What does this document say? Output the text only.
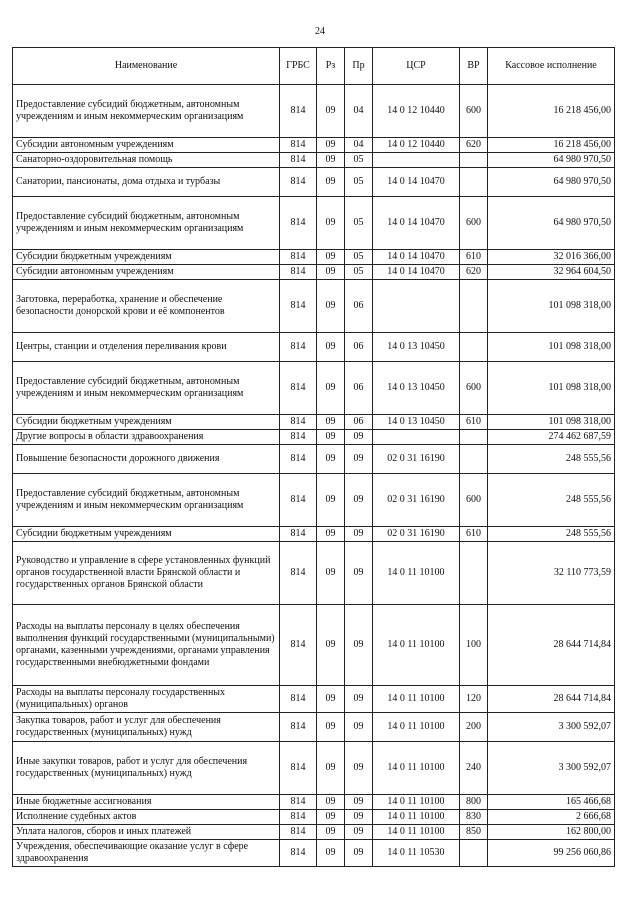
24
Наименование	ГРБС	Рз	Пр	ЦСР	ВР	Кассовое исполнение
Предоставление субсидий бюджетным, автономным учреждениям и иным некоммерческим организациям	814	09	04	14 0 12 10440	600	16 218 456,00
Субсидии автономным учреждениям	814	09	04	14 0 12 10440	620	16 218 456,00
Санаторно-оздоровительная помощь	814	09	05			64 980 970,50
Санатории, пансионаты, дома отдыха и турбазы	814	09	05	14 0 14 10470		64 980 970,50
Предоставление субсидий бюджетным, автономным учреждениям и иным некоммерческим организациям	814	09	05	14 0 14 10470	600	64 980 970,50
Субсидии бюджетным учреждениям	814	09	05	14 0 14 10470	610	32 016 366,00
Субсидии автономным учреждениям	814	09	05	14 0 14 10470	620	32 964 604,50
Заготовка, переработка, хранение и обеспечение безопасности донорской крови и её компонентов	814	09	06			101 098 318,00
Центры, станции и отделения переливания крови	814	09	06	14 0 13 10450		101 098 318,00
Предоставление субсидий бюджетным, автономным учреждениям и иным некоммерческим организациям	814	09	06	14 0 13 10450	600	101 098 318,00
Субсидии бюджетным учреждениям	814	09	06	14 0 13 10450	610	101 098 318,00
Другие вопросы в области здравоохранения	814	09	09			274 462 687,59
Повышение безопасности дорожного движения	814	09	09	02 0 31 16190		248 555,56
Предоставление субсидий бюджетным, автономным учреждениям и иным некоммерческим организациям	814	09	09	02 0 31 16190	600	248 555,56
Субсидии бюджетным учреждениям	814	09	09	02 0 31 16190	610	248 555,56
Руководство и управление в сфере установленных функций органов государственной власти Брянской области и государственных органов Брянской области	814	09	09	14 0 11 10100		32 110 773,59
Расходы на выплаты персоналу в целях обеспечения выполнения функций государственными (муниципальными) органами, казенными учреждениями, органами управления государственными внебюджетными фондами	814	09	09	14 0 11 10100	100	28 644 714,84
Расходы на выплаты персоналу государственных (муниципальных) органов	814	09	09	14 0 11 10100	120	28 644 714,84
Закупка товаров, работ и услуг для обеспечения государственных (муниципальных) нужд	814	09	09	14 0 11 10100	200	3 300 592,07
Иные закупки товаров, работ и услуг для обеспечения государственных (муниципальных) нужд	814	09	09	14 0 11 10100	240	3 300 592,07
Иные бюджетные ассигнования	814	09	09	14 0 11 10100	800	165 466,68
Исполнение судебных актов	814	09	09	14 0 11 10100	830	2 666,68
Уплата налогов, сборов и иных платежей	814	09	09	14 0 11 10100	850	162 800,00
Учреждения, обеспечивающие оказание услуг в сфере здравоохранения	814	09	09	14 0 11 10530		99 256 060,86
